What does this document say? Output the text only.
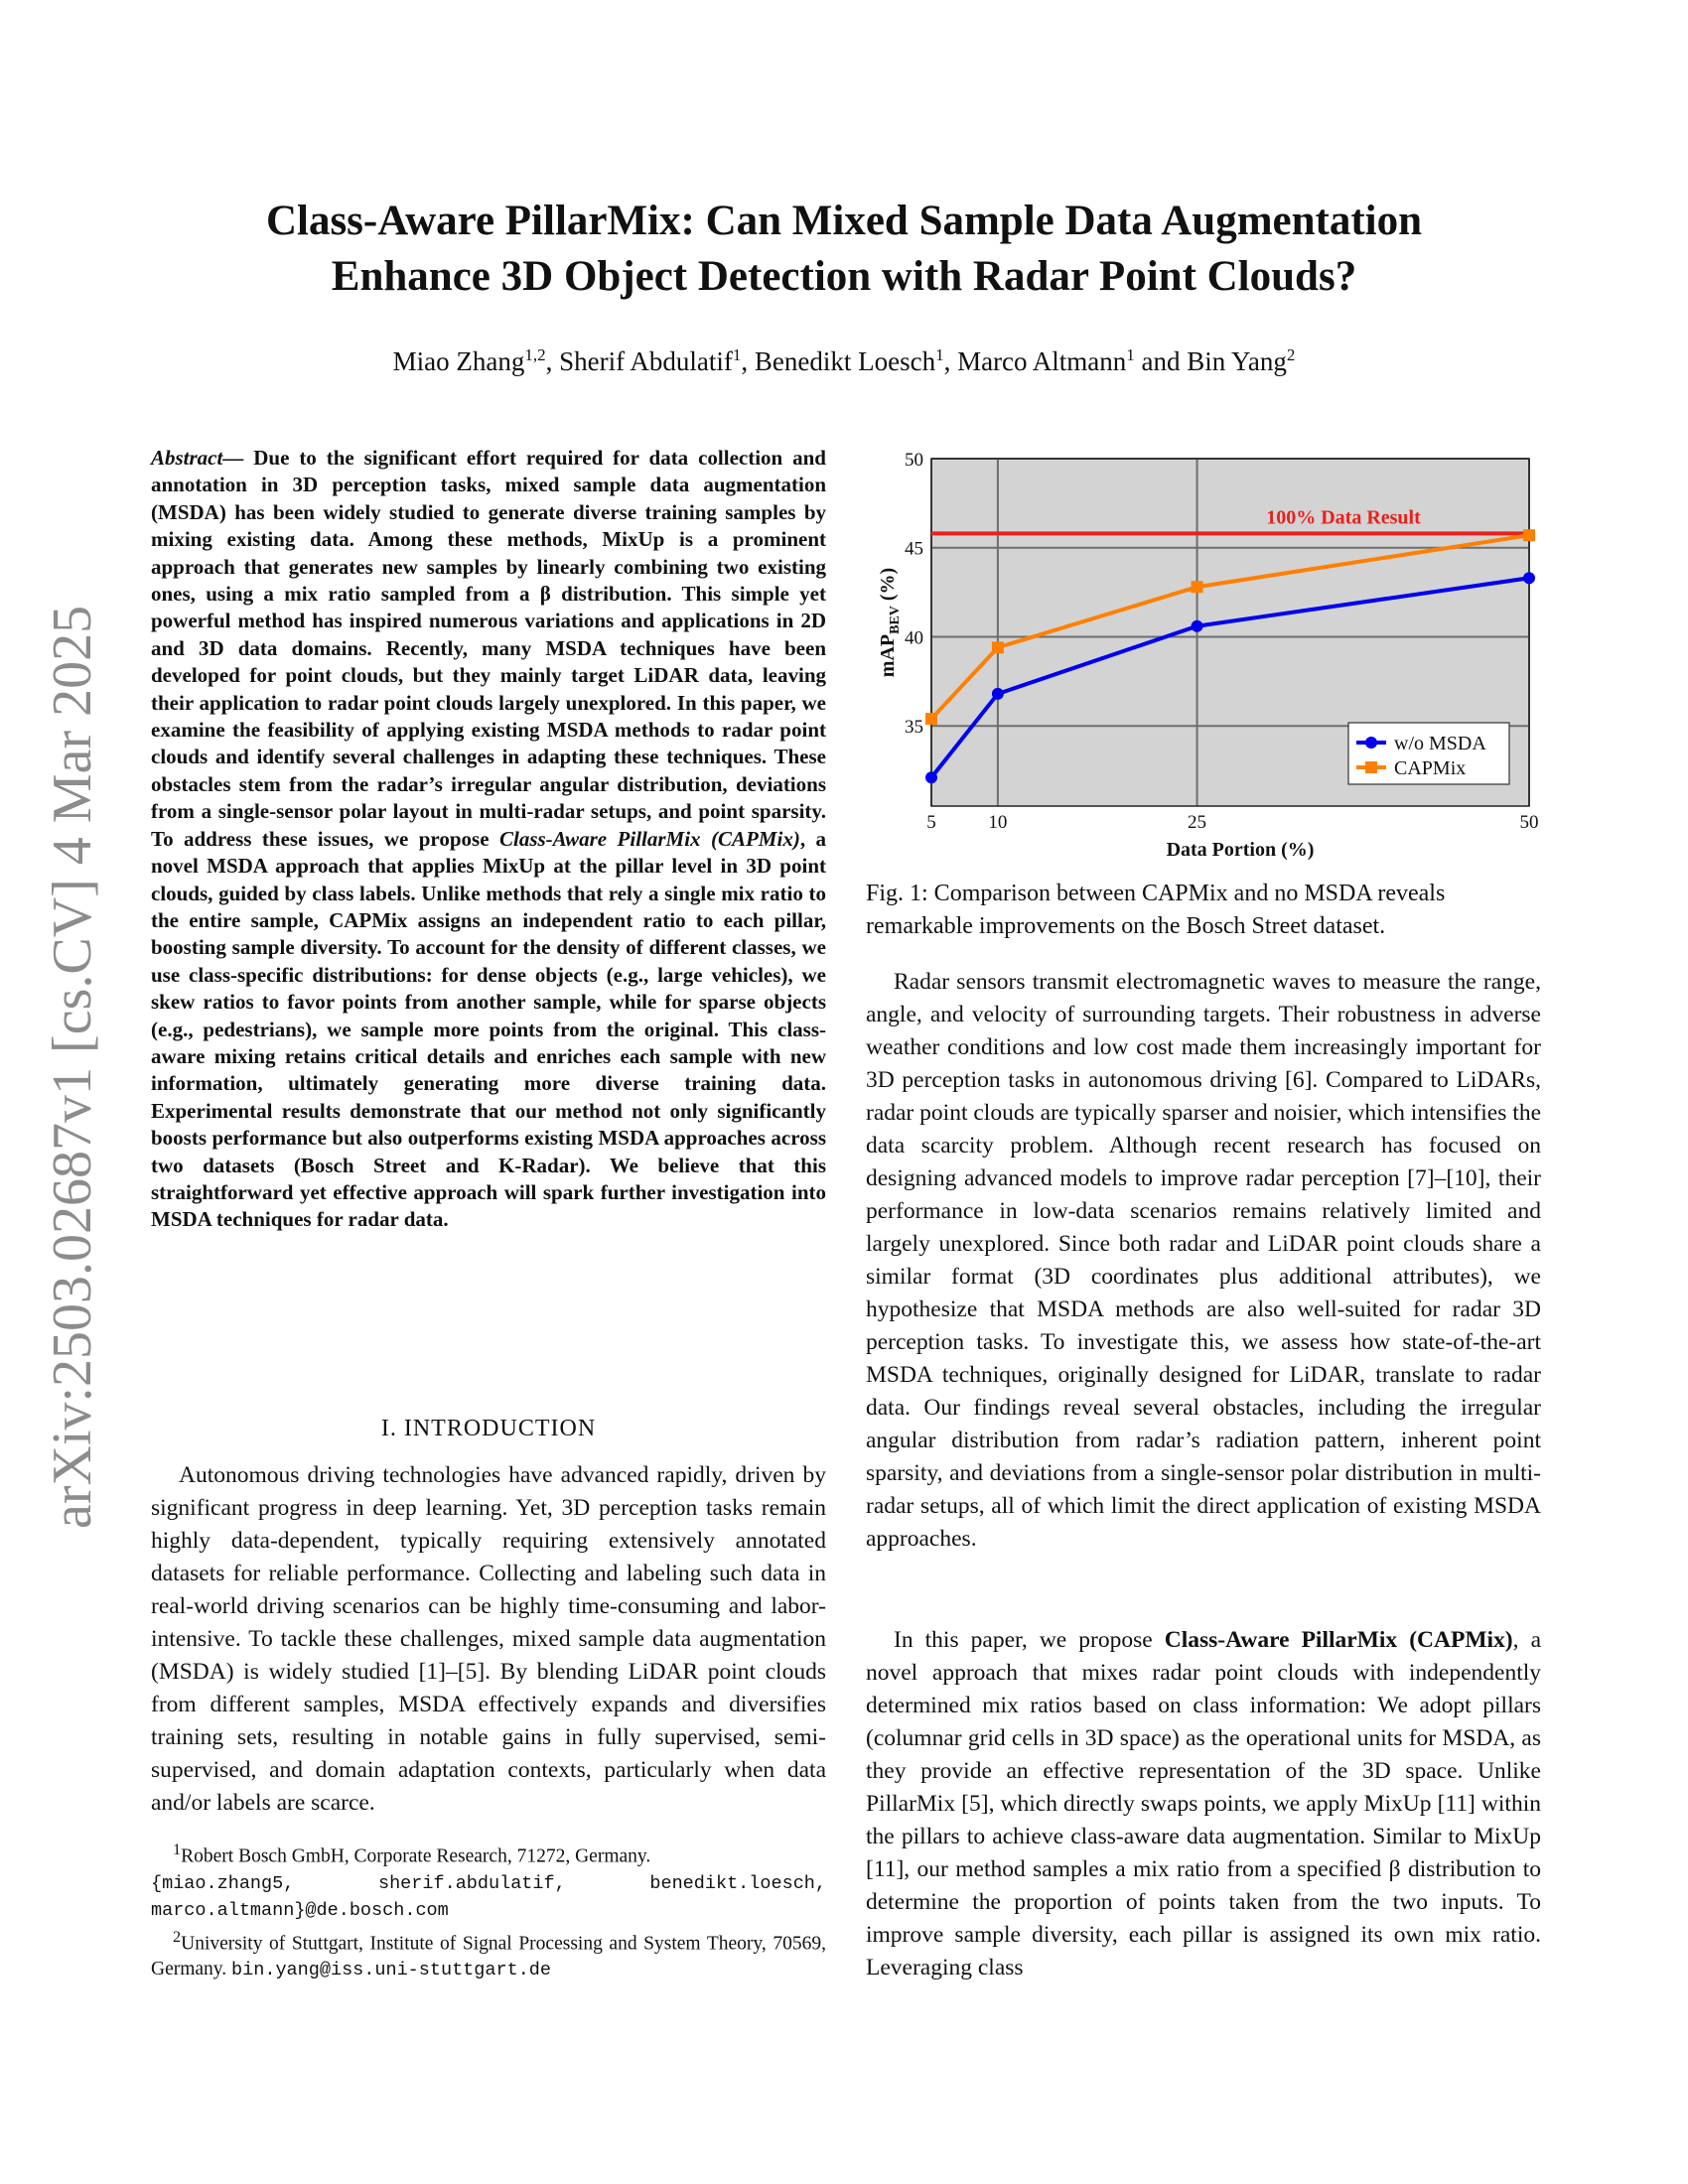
arXiv:2503.02687v1 [cs.CV] 4 Mar 2025
Class-Aware PillarMix: Can Mixed Sample Data Augmentation
Enhance 3D Object Detection with Radar Point Clouds?
Miao Zhang$^{1,2}$, Sherif Abdulatif$^1$, Benedikt Loesch$^1$, Marco Altmann$^1$ and Bin Yang$^2$
Abstract— Due to the significant effort required for data collection and annotation in 3D perception tasks, mixed sample data augmentation (MSDA) has been widely studied to generate diverse training samples by mixing existing data. Among these methods, MixUp is a prominent approach that generates new samples by linearly combining two existing ones, using a mix ratio sampled from a β distribution. This simple yet powerful method has inspired numerous variations and applications in 2D and 3D data domains. Recently, many MSDA techniques have been developed for point clouds, but they mainly target LiDAR data, leaving their application to radar point clouds largely unexplored. In this paper, we examine the feasibility of applying existing MSDA methods to radar point clouds and identify several challenges in adapting these techniques. These obstacles stem from the radar’s irregular angular distribution, deviations from a single-sensor polar layout in multi-radar setups, and point sparsity. To address these issues, we propose Class-Aware PillarMix (CAPMix), a novel MSDA approach that applies MixUp at the pillar level in 3D point clouds, guided by class labels. Unlike methods that rely a single mix ratio to the entire sample, CAPMix assigns an independent ratio to each pillar, boosting sample diversity. To account for the density of different classes, we use class-specific distributions: for dense objects (e.g., large vehicles), we skew ratios to favor points from another sample, while for sparse objects (e.g., pedestrians), we sample more points from the original. This class-aware mixing retains critical details and enriches each sample with new information, ultimately generating more diverse training data. Experimental results demonstrate that our method not only significantly boosts performance but also outperforms existing MSDA approaches across two datasets (Bosch Street and K-Radar). We believe that this straightforward yet effective approach will spark further investigation into MSDA techniques for radar data.
I. INTRODUCTION
Autonomous driving technologies have advanced rapidly, driven by significant progress in deep learning. Yet, 3D perception tasks remain highly data-dependent, typically requiring extensively annotated datasets for reliable performance. Collecting and labeling such data in real-world driving scenarios can be highly time-consuming and labor-intensive. To tackle these challenges, mixed sample data augmentation (MSDA) is widely studied [1]–[5]. By blending LiDAR point clouds from different samples, MSDA effectively expands and diversifies training sets, resulting in notable gains in fully supervised, semi-supervised, and domain adaptation contexts, particularly when data and/or labels are scarce.
$^1$Robert Bosch GmbH, Corporate Research, 71272, Germany.
{miao.zhang5, sherif.abdulatif, benedikt.loesch, marco.altmann}@de.bosch.com
$^2$University of Stuttgart, Institute of Signal Processing and System Theory, 70569, Germany. bin.yang@iss.uni-stuttgart.de
35
40
45
50
5	10	25	50
Data Portion (%)
mAP$_{BEV}$ (%)
100% Data Result
w/o MSDA
CAPMix
Fig. 1: Comparison between CAPMix and no MSDA reveals remarkable improvements on the Bosch Street dataset.
Radar sensors transmit electromagnetic waves to measure the range, angle, and velocity of surrounding targets. Their robustness in adverse weather conditions and low cost made them increasingly important for 3D perception tasks in autonomous driving [6]. Compared to LiDARs, radar point clouds are typically sparser and noisier, which intensifies the data scarcity problem. Although recent research has focused on designing advanced models to improve radar perception [7]–[10], their performance in low-data scenarios remains relatively limited and largely unexplored. Since both radar and LiDAR point clouds share a similar format (3D coordinates plus additional attributes), we hypothesize that MSDA methods are also well-suited for radar 3D perception tasks. To investigate this, we assess how state-of-the-art MSDA techniques, originally designed for LiDAR, translate to radar data. Our findings reveal several obstacles, including the irregular angular distribution from radar’s radiation pattern, inherent point sparsity, and deviations from a single-sensor polar distribution in multi-radar setups, all of which limit the direct application of existing MSDA approaches.
In this paper, we propose Class-Aware PillarMix (CAPMix), a novel approach that mixes radar point clouds with independently determined mix ratios based on class information: We adopt pillars (columnar grid cells in 3D space) as the operational units for MSDA, as they provide an effective representation of the 3D space. Unlike PillarMix [5], which directly swaps points, we apply MixUp [11] within the pillars to achieve class-aware data augmentation. Similar to MixUp [11], our method samples a mix ratio from a specified β distribution to determine the proportion of points taken from the two inputs. To improve sample diversity, each pillar is assigned its own mix ratio. Leveraging class
